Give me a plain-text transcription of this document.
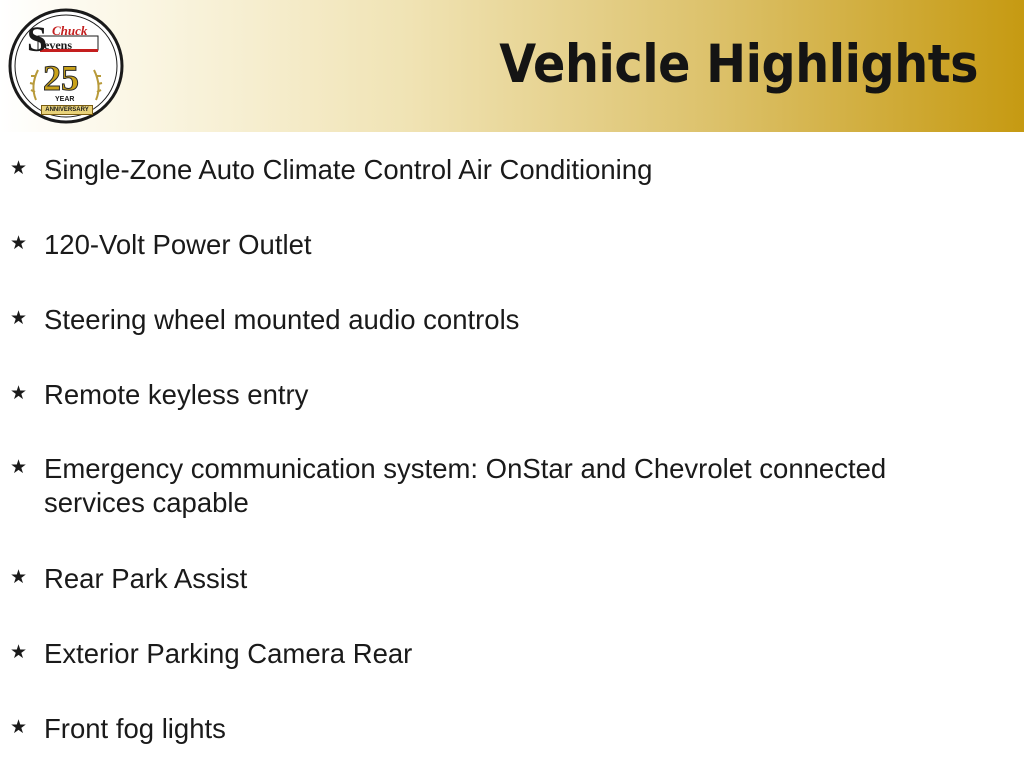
S Chuck
tevens
25
YEAR
ANNIVERSARY
Vehicle Highlights
★ Single-Zone Auto Climate Control Air Conditioning
★ 120-Volt Power Outlet
★ Steering wheel mounted audio controls
★ Remote keyless entry
★ Emergency communication system: OnStar and Chevrolet connected services capable
★ Rear Park Assist
★ Exterior Parking Camera Rear
★ Front fog lights
